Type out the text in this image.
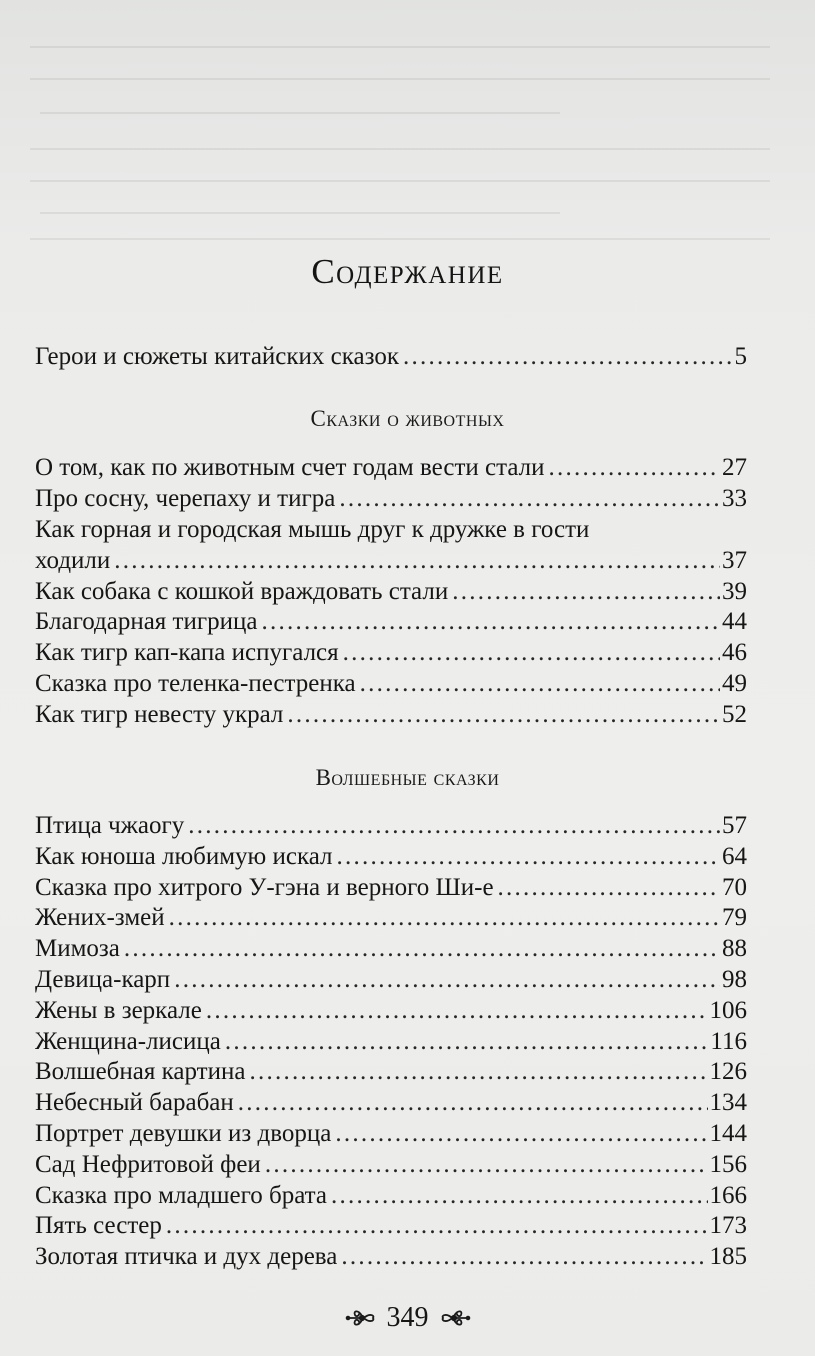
Содержание
Герои и сюжеты китайских сказок . . .	5
Сказки о животных
О том, как по животным счет годам вести стали . . .	27
Про сосну, черепаху и тигра . . .	33
Как горная и городская мышь друг к дружке в гости
ходили . . .	37
Как собака с кошкой враждовать стали . . .	39
Благодарная тигрица . . .	44
Как тигр кап-капа испугался . . .	46
Сказка про теленка-пестренка . . .	49
Как тигр невесту украл . . .	52
Волшебные сказки
Птица чжаогу . . .	57
Как юноша любимую искал . . .	64
Сказка про хитрого У-гэна и верного Ши-е . . .	70
Жених-змей . . .	79
Мимоза . . .	88
Девица-карп . . .	98
Жены в зеркале . . .	106
Женщина-лисица . . .	116
Волшебная картина . . .	126
Небесный барабан . . .	134
Портрет девушки из дворца . . .	144
Сад Нефритовой феи . . .	156
Сказка про младшего брата . . .	166
Пять сестер . . .	173
Золотая птичка и дух дерева . . .	185
349
